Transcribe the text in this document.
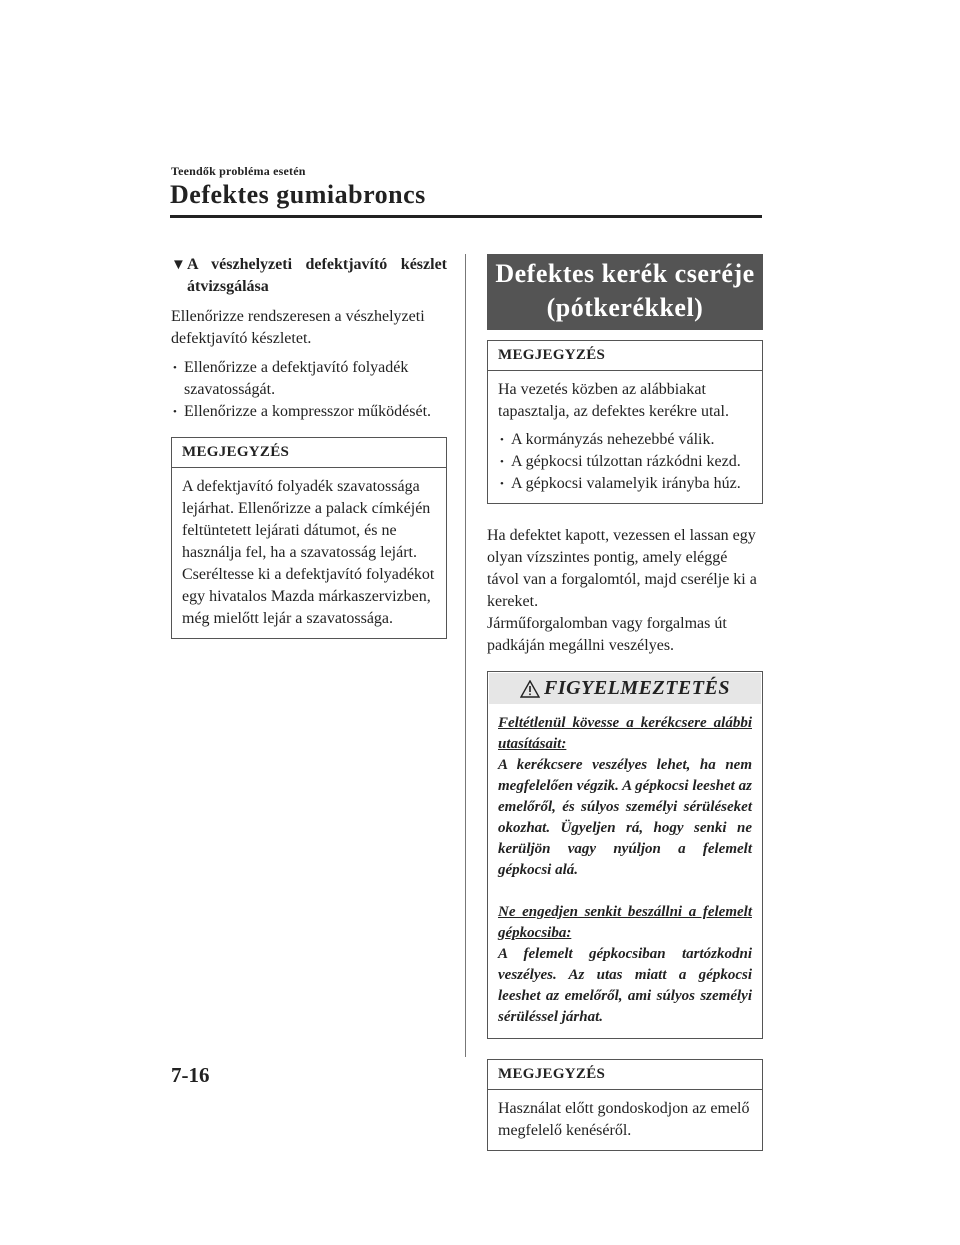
Teendők probléma esetén
Defektes gumiabroncs
▼ A vészhelyzeti defektjavító készlet átvizsgálása

Ellenőrizze rendszeresen a vészhelyzeti defektjavító készletet.

• Ellenőrizze a defektjavító folyadék szavatosságát.
• Ellenőrizze a kompresszor működését.
MEGJEGYZÉS

A defektjavító folyadék szavatossága lejárhat. Ellenőrizze a palack címkéjén feltüntetett lejárati dátumot, és ne használja fel, ha a szavatosság lejárt. Cseréltesse ki a defektjavító folyadékot egy hivatalos Mazda márkaszervizben, még mielőtt lejár a szavatossága.

Defektes kerék cseréje
(pótkerékkel)
MEGJEGYZÉS

Ha vezetés közben az alábbiakat tapasztalja, az defektes kerékre utal.

• A kormányzás nehezebbé válik.
• A gépkocsi túlzottan rázkódni kezd.
• A gépkocsi valamelyik irányba húz.

Ha defektet kapott, vezessen el lassan egy olyan vízszintes pontig, amely eléggé távol van a forgalomtól, majd cserélje ki a kereket.

Járműforgalomban vagy forgalmas út padkáján megállni veszélyes.

FIGYELMEZTETÉS
Feltétlenül kövesse a kerékcsere alábbi utasításait:
A kerékcsere veszélyes lehet, ha nem megfelelően végzik. A gépkocsi leeshet az emelőről, és súlyos személyi sérüléseket okozhat. Ügyeljen rá, hogy senki ne kerüljön vagy nyúljon a felemelt gépkocsi alá.
Ne engedjen senkit beszállni a felemelt gépkocsiba:
A felemelt gépkocsiban tartózkodni veszélyes. Az utas miatt a gépkocsi leeshet az emelőről, ami súlyos személyi sérüléssel járhat.
MEGJEGYZÉS

Használat előtt gondoskodjon az emelő megfelelő kenéséről.

7-16
